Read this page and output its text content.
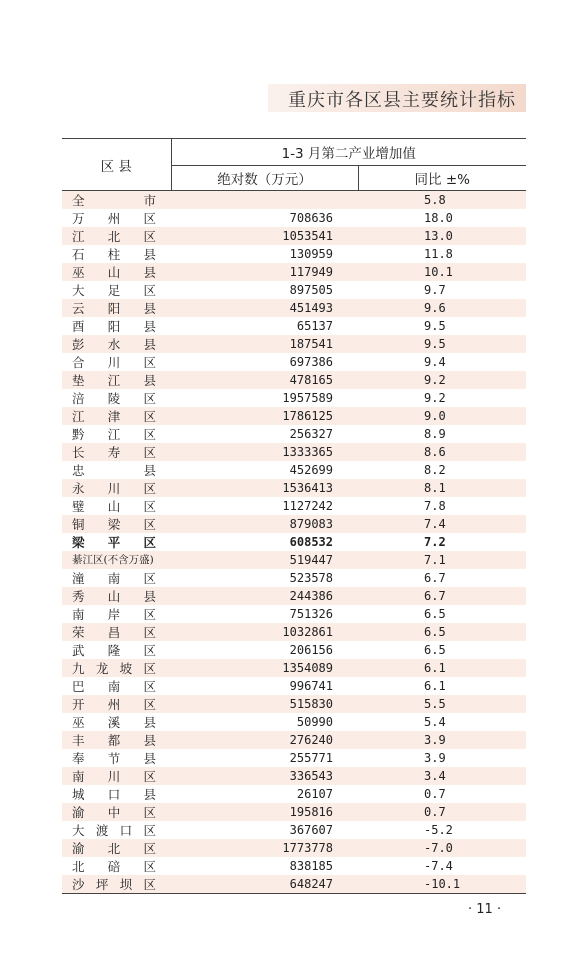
重庆市各区县主要统计指标
区 县	1-3 月第二产业增加值	
	绝对数（万元）	同比 ±%

全 市		5.8

万 州 区	708636	18.0

江 北 区	1053541	13.0

石 柱 县	130959	11.8

巫 山 县	117949	10.1

大 足 区	897505	9.7

云 阳 县	451493	9.6

酉 阳 县	65137	9.5

彭 水 县	187541	9.5

合 川 区	697386	9.4

垫 江 县	478165	9.2

涪 陵 区	1957589	9.2

江 津 区	1786125	9.0

黔 江 区	256327	8.9

长 寿 区	1333365	8.6

忠 县	452699	8.2

永 川 区	1536413	8.1

璧 山 区	1127242	7.8

铜 梁 区	879083	7.4

梁 平 区	608532	7.2

綦江区(不含万盛)	519447	7.1

潼 南 区	523578	6.7

秀 山 县	244386	6.7

南 岸 区	751326	6.5

荣 昌 区	1032861	6.5

武 隆 区	206156	6.5

九 龙 坡 区	1354089	6.1

巴 南 区	996741	6.1

开 州 区	515830	5.5

巫 溪 县	50990	5.4

丰 都 县	276240	3.9

奉 节 县	255771	3.9

南 川 区	336543	3.4

城 口 县	26107	0.7

渝 中 区	195816	0.7

大 渡 口 区	367607	-5.2

渝 北 区	1773778	-7.0

北 碚 区	838185	-7.4

沙 坪 坝 区	648247	-10.1
· 11 ·
